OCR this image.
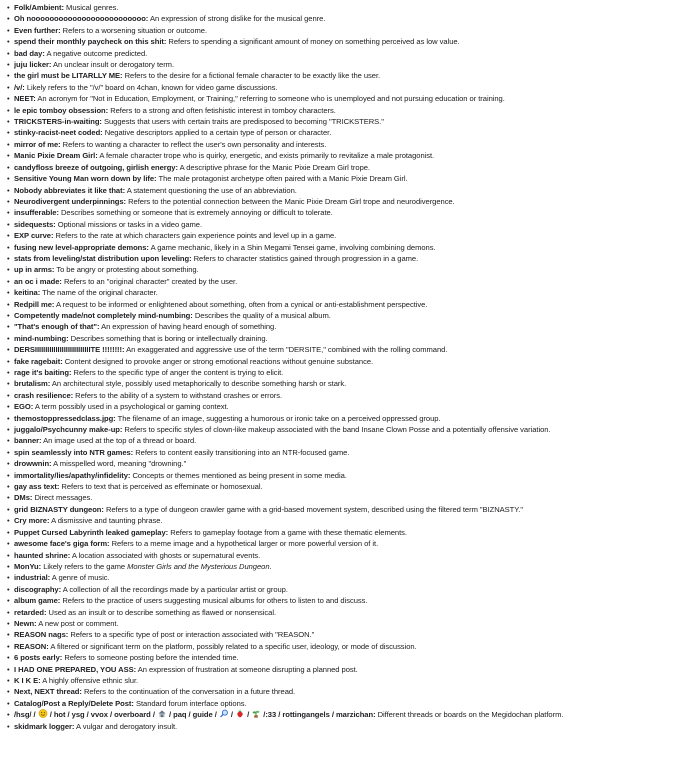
• Folk/Ambient: Musical genres.
• Oh nooooooooooooooooooooooooo: An expression of strong dislike for the musical genre.
• Even further: Refers to a worsening situation or outcome.
• spend their monthly paycheck on this shit: Refers to spending a significant amount of money on something perceived as low value.
• bad day: A negative outcome predicted.
• juju licker: An unclear insult or derogatory term.
• the girl must be LITARLLY ME: Refers to the desire for a fictional female character to be exactly like the user.
• /v/: Likely refers to the "/v/" board on 4chan, known for video game discussions.
• NEET: An acronym for "Not in Education, Employment, or Training," referring to someone who is unemployed and not pursuing education or training.
• le epic tomboy obsession: Refers to a strong and often fetishistic interest in tomboy characters.
• TRICKSTERS-in-waiting: Suggests that users with certain traits are predisposed to becoming "TRICKSTERS."
• stinky-racist-neet coded: Negative descriptors applied to a certain type of person or character.
• mirror of me: Refers to wanting a character to reflect the user's own personality and interests.
• Manic Pixie Dream Girl: A female character trope who is quirky, energetic, and exists primarily to revitalize a male protagonist.
• candyfloss breeze of outgoing, girlish energy: A descriptive phrase for the Manic Pixie Dream Girl trope.
• Sensitive Young Man worn down by life: The male protagonist archetype often paired with a Manic Pixie Dream Girl.
• Nobody abbreviates it like that: A statement questioning the use of an abbreviation.
• Neurodivergent underpinnings: Refers to the potential connection between the Manic Pixie Dream Girl trope and neurodivergence.
• insufferable: Describes something or someone that is extremely annoying or difficult to tolerate.
• sidequests: Optional missions or tasks in a video game.
• EXP curve: Refers to the rate at which characters gain experience points and level up in a game.
• fusing new level-appropriate demons: A game mechanic, likely in a Shin Megami Tensei game, involving combining demons.
• stats from leveling/stat distribution upon leveling: Refers to character statistics gained through progression in a game.
• up in arms: To be angry or protesting about something.
• an oc i made: Refers to an "original character" created by the user.
• keitina: The name of the original character.
• Redpill me: A request to be informed or enlightened about something, often from a cynical or anti-establishment perspective.
• Competently made/not completely mind-numbing: Describes the quality of a musical album.
• "That's enough of that": An expression of having heard enough of something.
• mind-numbing: Describes something that is boring or intellectually draining.
• DERSIIIIIIIIIIIIIIIIIIIIIIIIIIITE !!!!!!!!: An exaggerated and aggressive use of the term "DERSITE," combined with the rolling command.
• fake ragebait: Content designed to provoke anger or strong emotional reactions without genuine substance.
• rage it's baiting: Refers to the specific type of anger the content is trying to elicit.
• brutalism: An architectural style, possibly used metaphorically to describe something harsh or stark.
• crash resilience: Refers to the ability of a system to withstand crashes or errors.
• EGO: A term possibly used in a psychological or gaming context.
• themostoppressedclass.jpg: The filename of an image, suggesting a humorous or ironic take on a perceived oppressed group.
• juggalo/Psychcunny make-up: Refers to specific styles of clown-like makeup associated with the band Insane Clown Posse and a potentially offensive variation.
• banner: An image used at the top of a thread or board.
• spin seamlessly into NTR games: Refers to content easily transitioning into an NTR-focused game.
• drowwnin: A misspelled word, meaning "drowning."
• immortality/lies/apathy/infidelity: Concepts or themes mentioned as being present in some media.
• gay ass text: Refers to text that is perceived as effeminate or homosexual.
• DMs: Direct messages.
• grid BIZNASTY dungeon: Refers to a type of dungeon crawler game with a grid-based movement system, described using the filtered term "BIZNASTY."
• Cry more: A dismissive and taunting phrase.
• Puppet Cursed Labyrinth leaked gameplay: Refers to gameplay footage from a game with these thematic elements.
• awesome face's giga form: Refers to a meme image and a hypothetical larger or more powerful version of it.
• haunted shrine: A location associated with ghosts or supernatural events.
• MonYu: Likely refers to the game Monster Girls and the Mysterious Dungeon.
• industrial: A genre of music.
• discography: A collection of all the recordings made by a particular artist or group.
• album game: Refers to the practice of users suggesting musical albums for others to listen to and discuss.
• retarded: Used as an insult or to describe something as flawed or nonsensical.
• Newn: A new post or comment.
• REASON nags: Refers to a specific type of post or interaction associated with "REASON."
• REASON: A filtered or significant term on the platform, possibly related to a specific user, ideology, or mode of discussion.
• 6 posts early: Refers to someone posting before the intended time.
• I HAD ONE PREPARED, YOU ASS: An expression of frustration at someone disrupting a planned post.
• K I K E: A highly offensive ethnic slur.
• Next, NEXT thread: Refers to the continuation of the conversation in a future thread.
• Catalog/Post a Reply/Delete Post: Standard forum interface options.
• /hsg/ /  / hot / ysg / vvox / overboard /  / paq / guide /  /  /  /:33 / rottingangels / marzichan: Different threads or boards on the Megidochan platform.
• skidmark logger: A vulgar and derogatory insult.
